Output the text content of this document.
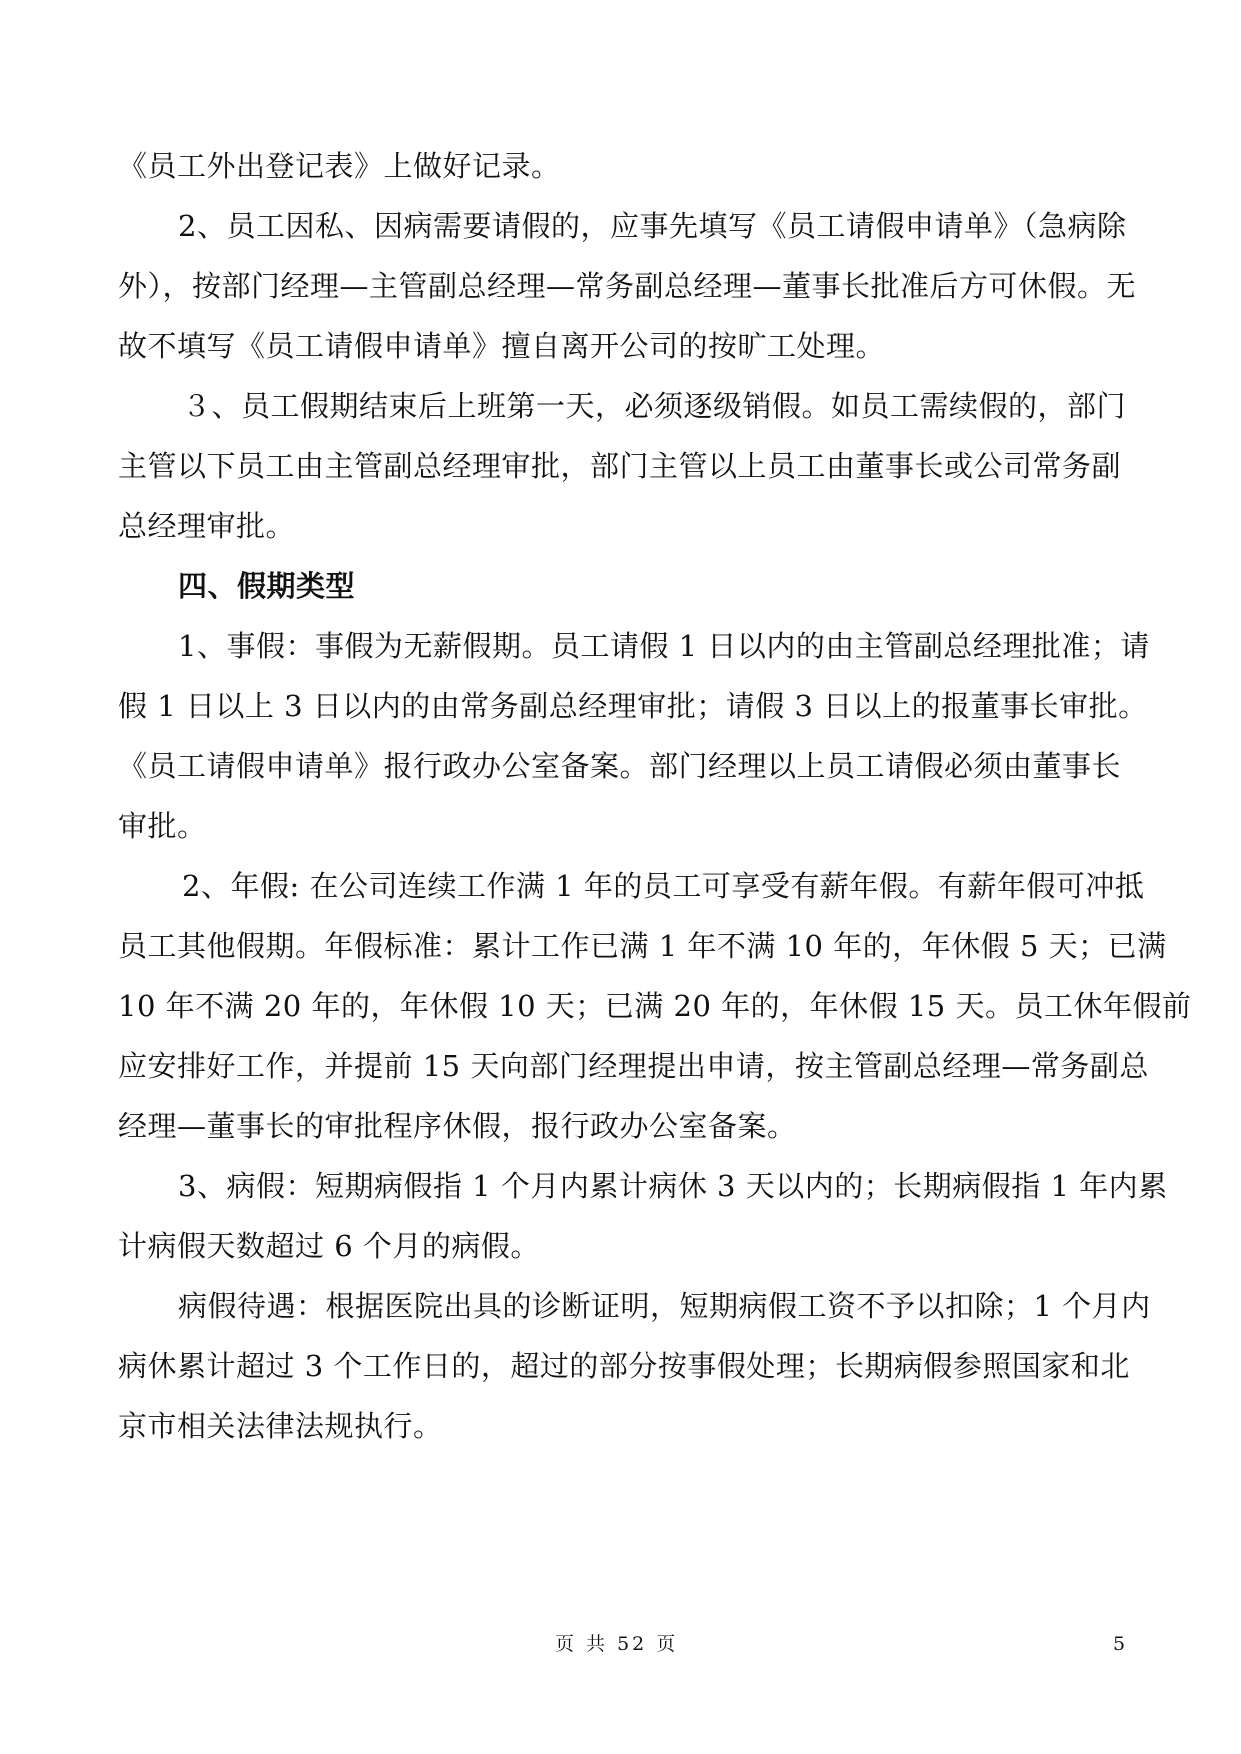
《员工外出登记表》上做好记录。
2、员工因私、因病需要请假的，应事先填写《员工请假申请单》（急病除
外），按部门经理—主管副总经理—常务副总经理—董事长批准后方可休假。无
故不填写《员工请假申请单》擅自离开公司的按旷工处理。
３、员工假期结束后上班第一天，必须逐级销假。如员工需续假的，部门
主管以下员工由主管副总经理审批，部门主管以上员工由董事长或公司常务副
总经理审批。
四、假期类型
1、事假：事假为无薪假期。员工请假 1 日以内的由主管副总经理批准；请
假 1 日以上 3 日以内的由常务副总经理审批；请假 3 日以上的报董事长审批。
《员工请假申请单》报行政办公室备案。部门经理以上员工请假必须由董事长
审批。
2、年假: 在公司连续工作满 1 年的员工可享受有薪年假。有薪年假可冲抵
员工其他假期。年假标准：累计工作已满 1 年不满 10 年的，年休假 5 天；已满
10 年不满 20 年的，年休假 10 天；已满 20 年的，年休假 15 天。员工休年假前
应安排好工作，并提前 15 天向部门经理提出申请，按主管副总经理—常务副总
经理—董事长的审批程序休假，报行政办公室备案。
3、病假：短期病假指 1 个月内累计病休 3 天以内的；长期病假指 1 年内累
计病假天数超过 6 个月的病假。
病假待遇：根据医院出具的诊断证明，短期病假工资不予以扣除；1 个月内
病休累计超过 3 个工作日的，超过的部分按事假处理；长期病假参照国家和北
京市相关法律法规执行。
页 共 52 页	5
